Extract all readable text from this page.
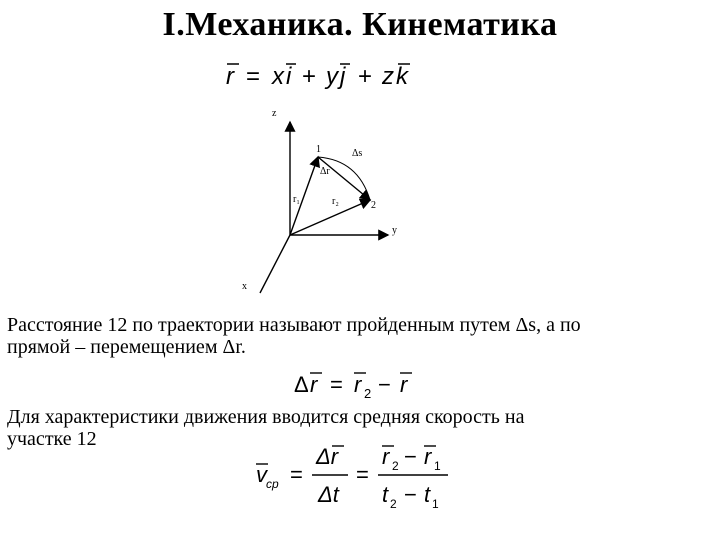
I.Механика. Кинематика
r = x i + y j + z k
z
y
x
1
2
Δs
Δr
r₁	r₂
Расстояние 12 по траектории называют пройденным путем Δs, а по
прямой – перемещением Δr.
Δ r = r 2 − r
Для характеристики движения вводится средняя скорость на
участке 12
v cp =
Δr
Δt
=
r 2 − r 1
t 2 − t 1
